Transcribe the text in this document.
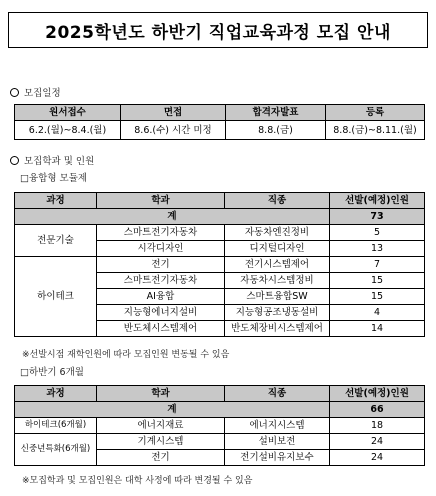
2025학년도 하반기 직업교육과정 모집 안내
모집일정
원서접수	면접	합격자발표	등록
6.2.(월)~8.4.(월)	8.6.(수) 시간 미정	8.8.(금)	8.8.(금)~8.11.(월)
모집학과 및 인원
□융합형 모듈제
과정	학과	직종	선발(예정)인원
계			73
전문기술	스마트전기자동차	자동차엔진정비	5
	시각디자인	디지털디자인	13
하이테크	전기	전기시스템제어	7
	스마트전기자동차	자동차시스템정비	15
	AI융합	스마트융합SW	15
	지능형에너지설비	지능형공조냉동설비	4
	반도체시스템제어	반도체장비시스템제어	14
※선발시점 재학인원에 따라 모집인원 변동될 수 있음
□하반기 6개월
과정	학과	직종	선발(예정)인원
계			66
하이테크(6개월)	에너지재료	에너지시스템	18
신중년특화(6개월)	기계시스템	설비보전	24
	전기	전기설비유지보수	24
※모집학과 및 모집인원은 대학 사정에 따라 변경될 수 있음
